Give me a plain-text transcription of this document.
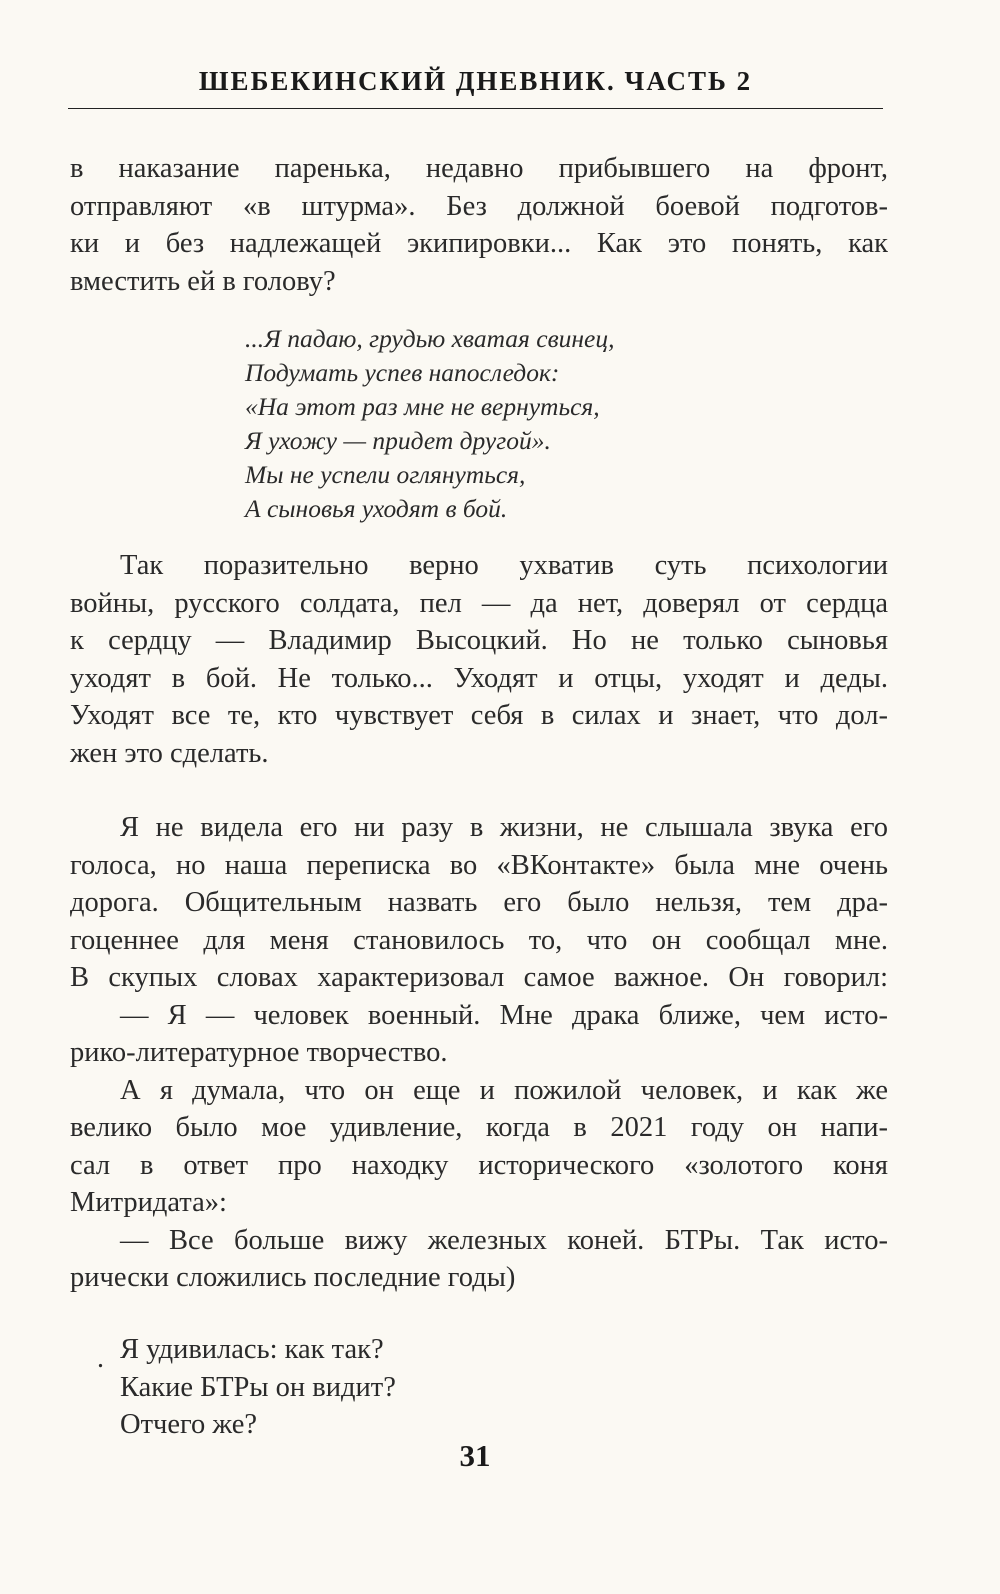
ШЕБЕКИНСКИЙ ДНЕВНИК. ЧАСТЬ 2
в наказание паренька, недавно прибывшего на фронт,
отправляют «в штурма». Без должной боевой подготов-
ки и без надлежащей экипировки... Как это понять, как
вместить ей в голову?
...Я падаю, грудью хватая свинец,
Подумать успев напоследок:
«На этот раз мне не вернуться,
Я ухожу — придет другой».
Мы не успели оглянуться,
А сыновья уходят в бой.
Так поразительно верно ухватив суть психологии
войны, русского солдата, пел — да нет, доверял от сердца
к сердцу — Владимир Высоцкий. Но не только сыновья
уходят в бой. Не только... Уходят и отцы, уходят и деды.
Уходят все те, кто чувствует себя в силах и знает, что дол-
жен это сделать.
Я не видела его ни разу в жизни, не слышала звука его
голоса, но наша переписка во «ВКонтакте» была мне очень
дорога. Общительным назвать его было нельзя, тем дра-
гоценнее для меня становилось то, что он сообщал мне.
В скупых словах характеризовал самое важное. Он говорил:
— Я — человек военный. Мне драка ближе, чем исто-
рико-литературное творчество.
А я думала, что он еще и пожилой человек, и как же
велико было мое удивление, когда в 2021 году он напи-
сал в ответ про находку исторического «золотого коня
Митридата»:
— Все больше вижу железных коней. БТРы. Так исто-
рически сложились последние годы)
. Я удивилась: как так?
Какие БТРы он видит?
Отчего же?
31
